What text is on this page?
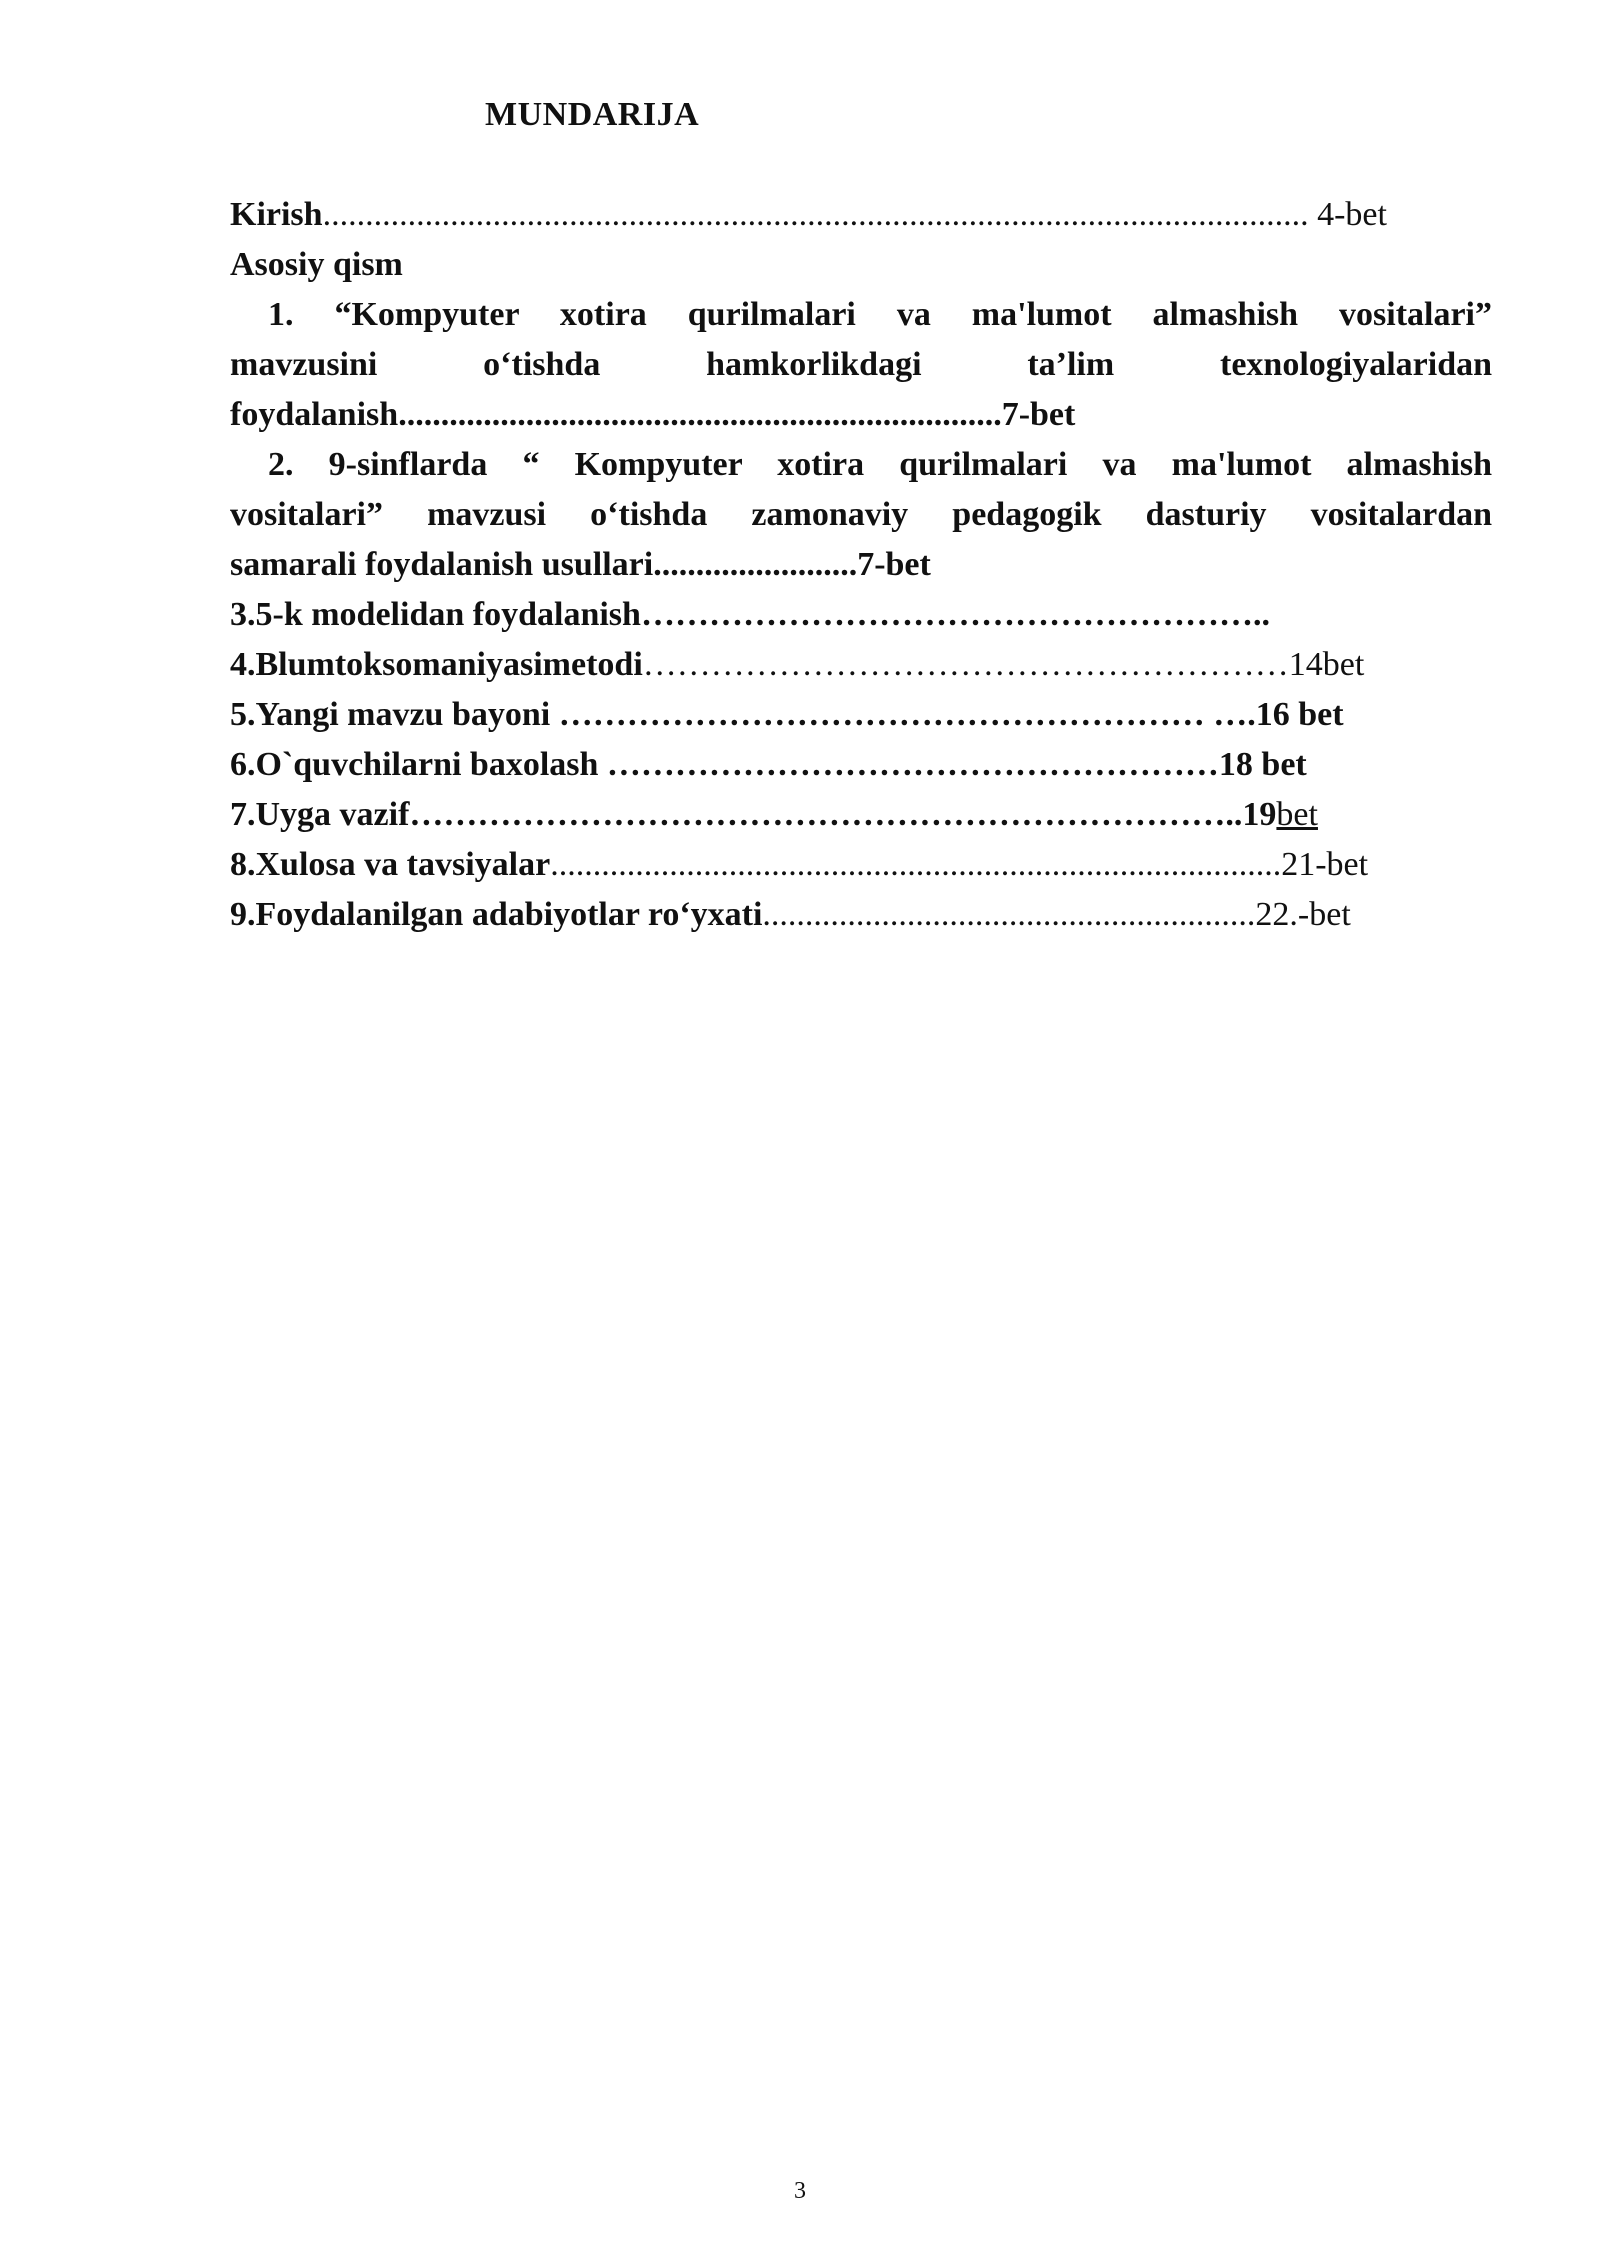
MUNDARIJA
Kirish.................................................................................................................... 4-bet
Asosiy qism
1. “Kompyuter xotira qurilmalari va ma'lumot almashish vositalari”
mavzusini	o‘tishda	hamkorlikdagi	ta’lim	texnologiyalaridan
foydalanish.......................................................................7-bet
2. 9-sinflarda “ Kompyuter xotira qurilmalari va ma'lumot almashish
vositalari” mavzusi o‘tishda zamonaviy pedagogik dasturiy vositalardan
samarali foydalanish usullari........................7-bet
3.5-k modelidan foydalanish………………………………………………..
4.Blumtoksomaniyasimetodi…………………………………………………14bet
5.Yangi mavzu bayoni ………………………………………………… ….16 bet
6.O`quvchilarni baxolash ………………………………………………18 bet
7.Uyga vazif………………………………………………………………..19bet
8.Xulosa va tavsiyalar......................................................................................21-bet
9.Foydalanilgan adabiyotlar ro‘yxati..........................................................22.-bet
3
